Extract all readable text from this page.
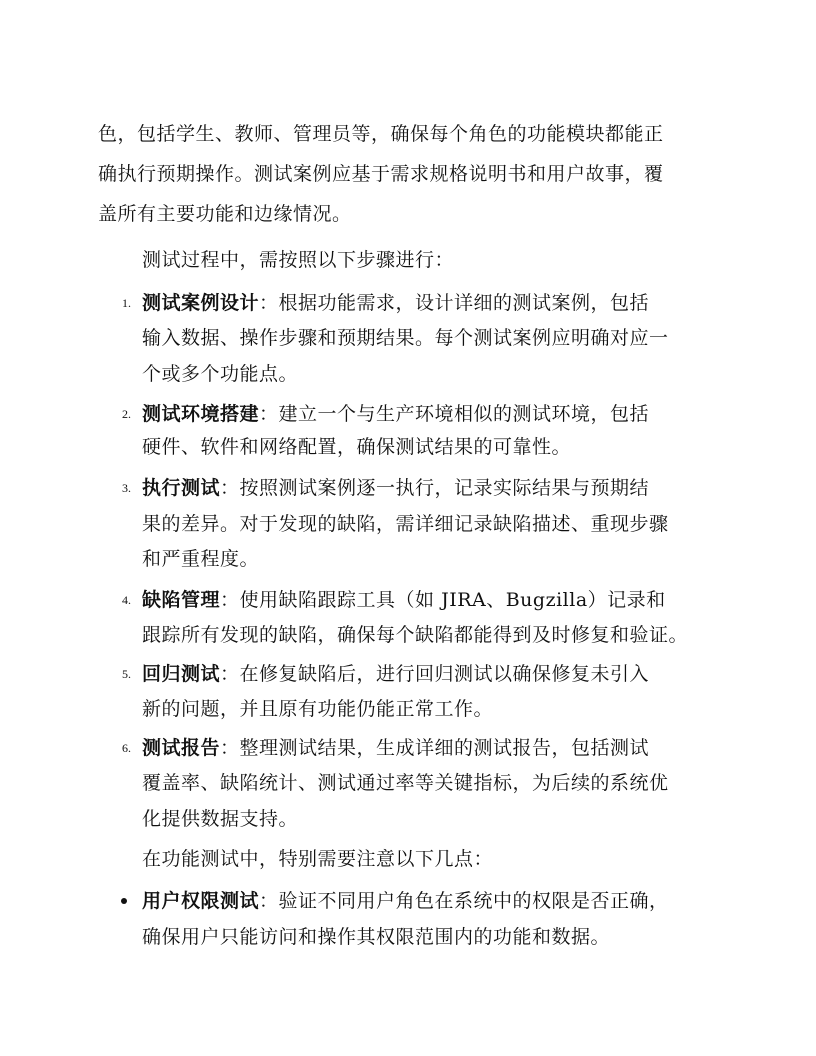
色，包括学生、教师、管理员等，确保每个角色的功能模块都能正
确执行预期操作。测试案例应基于需求规格说明书和用户故事，覆
盖所有主要功能和边缘情况。
测试过程中，需按照以下步骤进行：
1. 测试案例设计：根据功能需求，设计详细的测试案例，包括
输入数据、操作步骤和预期结果。每个测试案例应明确对应一
个或多个功能点。
2. 测试环境搭建：建立一个与生产环境相似的测试环境，包括
硬件、软件和网络配置，确保测试结果的可靠性。
3. 执行测试：按照测试案例逐一执行，记录实际结果与预期结
果的差异。对于发现的缺陷，需详细记录缺陷描述、重现步骤
和严重程度。
4. 缺陷管理：使用缺陷跟踪工具（如 JIRA、Bugzilla）记录和
跟踪所有发现的缺陷，确保每个缺陷都能得到及时修复和验证。
5. 回归测试：在修复缺陷后，进行回归测试以确保修复未引入
新的问题，并且原有功能仍能正常工作。
6. 测试报告：整理测试结果，生成详细的测试报告，包括测试
覆盖率、缺陷统计、测试通过率等关键指标，为后续的系统优
化提供数据支持。
在功能测试中，特别需要注意以下几点：
用户权限测试：验证不同用户角色在系统中的权限是否正确，
确保用户只能访问和操作其权限范围内的功能和数据。
